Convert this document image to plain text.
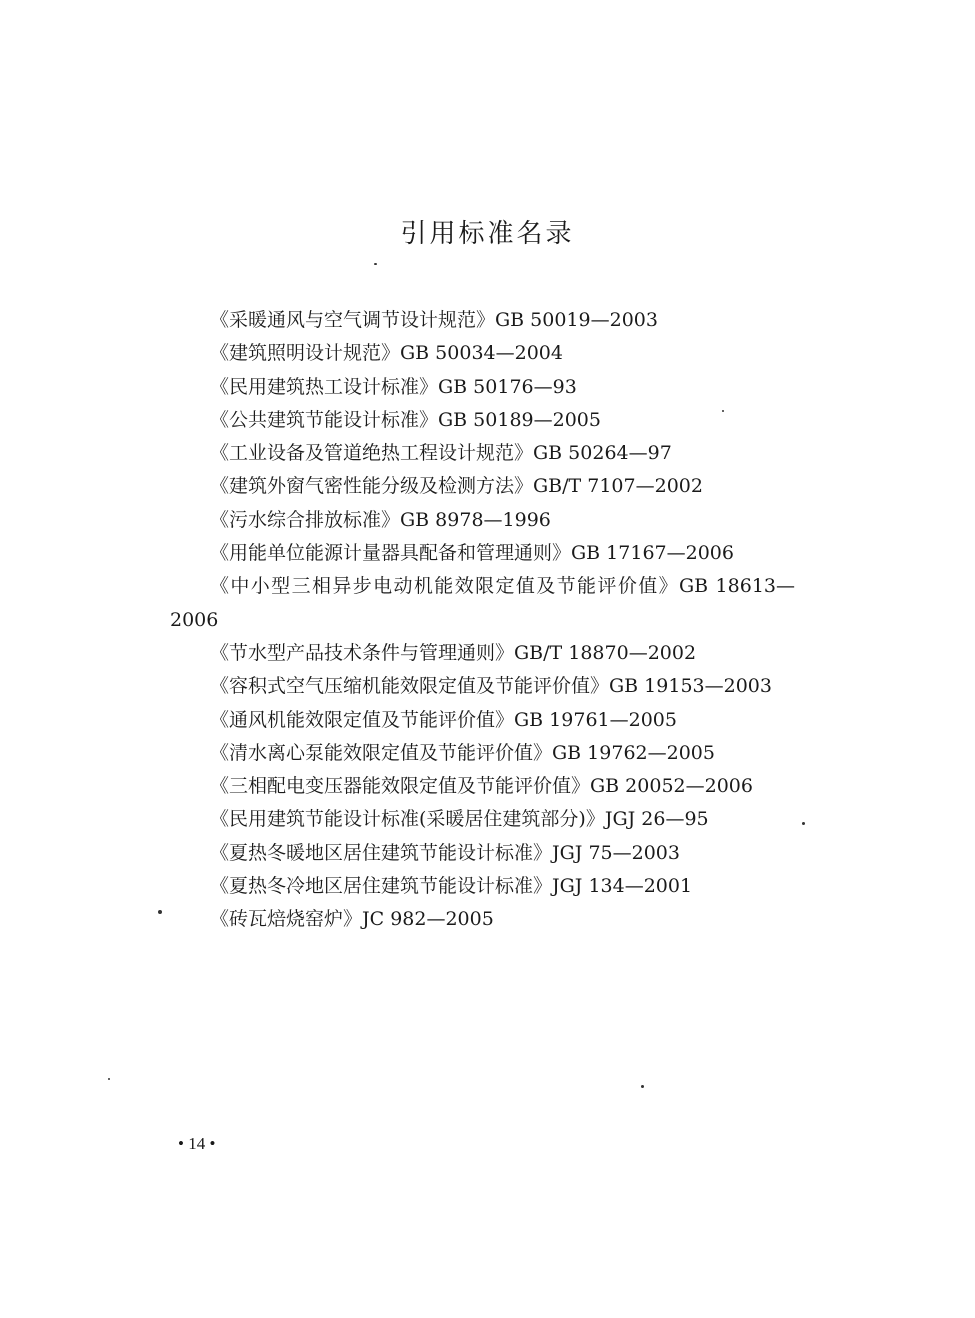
引用标准名录
《采暖通风与空气调节设计规范》GB 50019—2003
《建筑照明设计规范》GB 50034—2004
《民用建筑热工设计标准》GB 50176—93
《公共建筑节能设计标准》GB 50189—2005
《工业设备及管道绝热工程设计规范》GB 50264—97
《建筑外窗气密性能分级及检测方法》GB/T 7107—2002
《污水综合排放标准》GB 8978—1996
《用能单位能源计量器具配备和管理通则》GB 17167—2006
《中小型三相异步电动机能效限定值及节能评价值》GB 18613—2006
《节水型产品技术条件与管理通则》GB/T 18870—2002
《容积式空气压缩机能效限定值及节能评价值》GB 19153—2003
《通风机能效限定值及节能评价值》GB 19761—2005
《清水离心泵能效限定值及节能评价值》GB 19762—2005
《三相配电变压器能效限定值及节能评价值》GB 20052—2006
《民用建筑节能设计标准(采暖居住建筑部分)》JGJ 26—95
《夏热冬暖地区居住建筑节能设计标准》JGJ 75—2003
《夏热冬冷地区居住建筑节能设计标准》JGJ 134—2001
《砖瓦焙烧窑炉》JC 982—2005

• 14 •
